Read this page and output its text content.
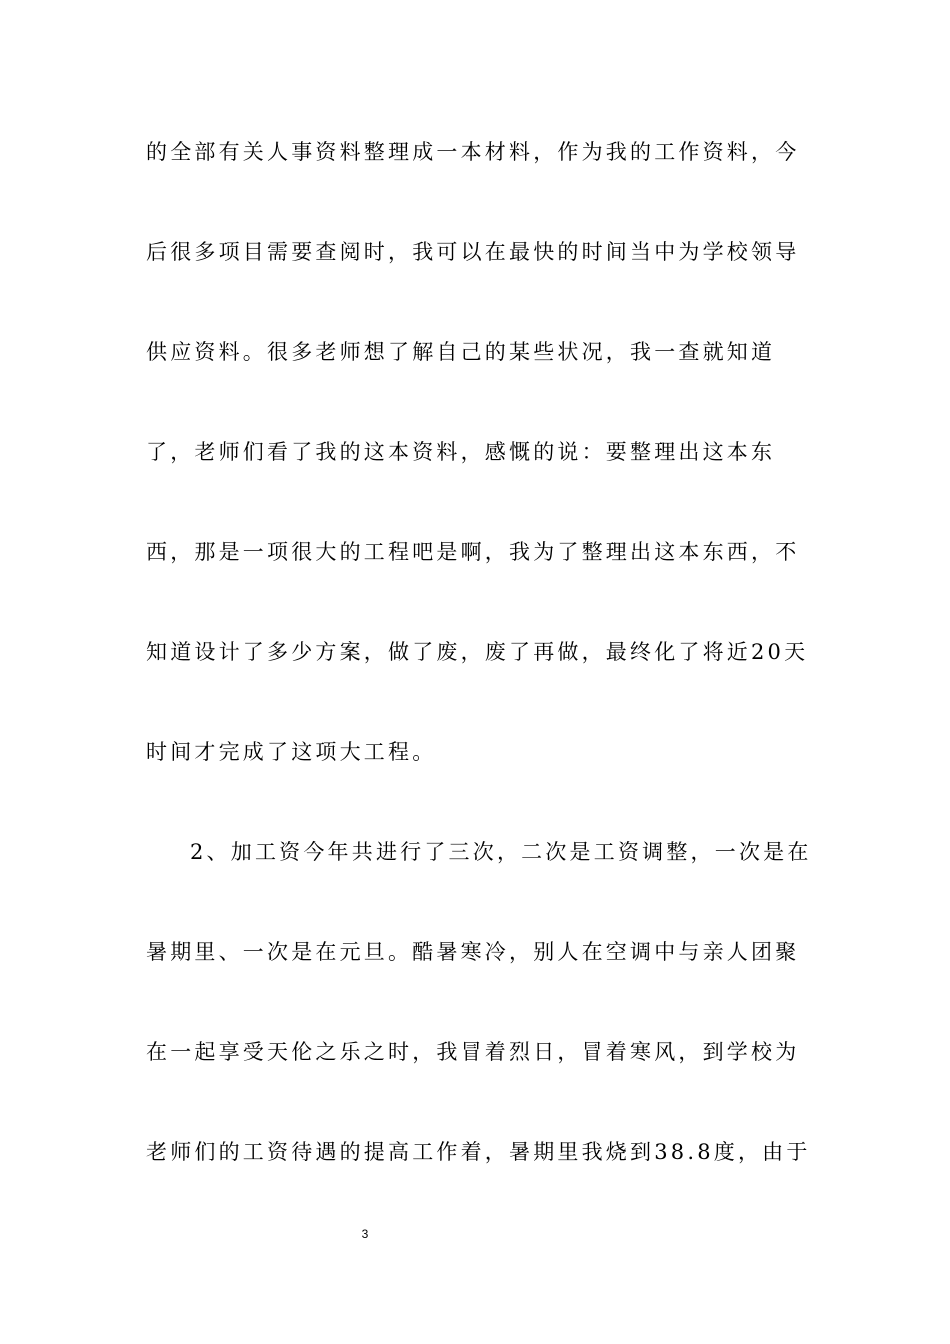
的全部有关人事资料整理成一本材料，作为我的工作资料，今
后很多项目需要查阅时，我可以在最快的时间当中为学校领导
供应资料。很多老师想了解自己的某些状况，我一查就知道
了，老师们看了我的这本资料，感慨的说：要整理出这本东
西，那是一项很大的工程吧是啊，我为了整理出这本东西，不
知道设计了多少方案，做了废，废了再做，最终化了将近20天
时间才完成了这项大工程。
2、加工资今年共进行了三次，二次是工资调整，一次是在
暑期里、一次是在元旦。酷暑寒冷，别人在空调中与亲人团聚
在一起享受天伦之乐之时，我冒着烈日，冒着寒风，到学校为
老师们的工资待遇的提高工作着，暑期里我烧到38.8度，由于
3
